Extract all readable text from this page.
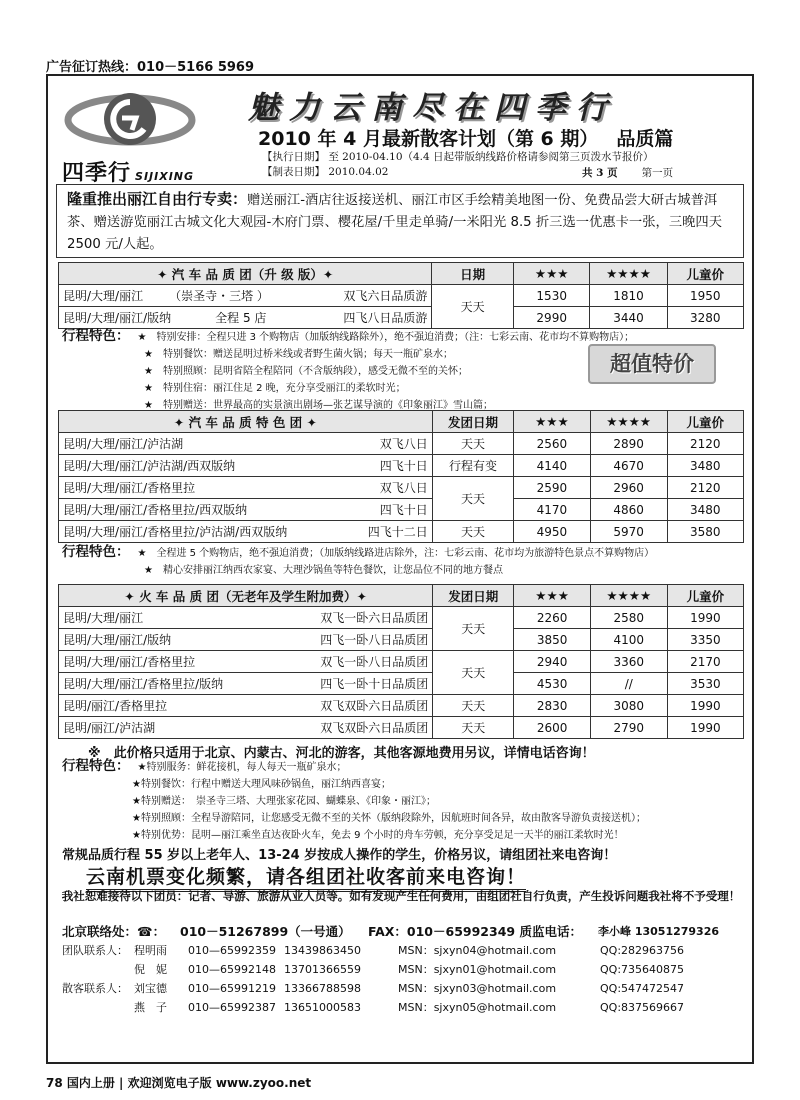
广告征订热线：010－5166 5969
四季行 SIJIXING
魅力云南尽在四季行
2010 年 4 月最新散客计划（第 6 期） 品质篇
【执行日期】 至 2010-04.10（4.4 日起带版纳线路价格请参阅第三页泼水节报价）
【制表日期】 2010.04.02	共 3 页 第一页
隆重推出丽江自由行专卖：赠送丽江-酒店往返接送机、丽江市区手绘精美地图一份、免费品尝大研古城普洱茶、赠送游览丽江古城文化大观园-木府门票、樱花屋/千里走单骑/一米阳光 8.5 折三选一优惠卡一张，三晚四天 2500 元/人起。
✦ 汽 车 品 质 团（升 级 版）✦	日期	★★★	★★★★	儿童价
昆明/大理/丽江 （崇圣寺・三塔 ） 双飞六日品质游	天天	1530	1810	1950
昆明/大理/丽江/版纳 全程 5 店 四飞八日品质游		2990	3440	3280
行程特色： ★　特别安排：全程只进 3 个购物店（加版纳线路除外），绝不强迫消费；（注：七彩云南、花市均不算购物店）；
★　特别餐饮：赠送昆明过桥米线或者野生菌火锅；每天一瓶矿泉水；
★　特别照顾：昆明省陪全程陪同（不含版纳段），感受无微不至的关怀；
★　特别住宿：丽江住足 2 晚，充分享受丽江的柔软时光；
★　特别赠送：世界最高的实景演出剧场—张艺谋导演的《印象丽江》雪山篇；
超值特价
✦ 汽 车 品 质 特 色 团 ✦	发团日期	★★★	★★★★	儿童价
昆明/大理/丽江/泸沽湖 双飞八日	天天	2560	2890	2120
昆明/大理/丽江/泸沽湖/西双版纳 四飞十日	行程有变	4140	4670	3480
昆明/大理/丽江/香格里拉 双飞八日	天天	2590	2960	2120
昆明/大理/丽江/香格里拉/西双版纳 四飞十日		4170	4860	3480
昆明/大理/丽江/香格里拉/泸沽湖/西双版纳 四飞十二日	天天	4950	5970	3580
行程特色： ★　全程进 5 个购物店，绝不强迫消费；（加版纳线路进店除外，注：七彩云南、花市均为旅游特色景点不算购物店）
★　精心安排丽江纳西农家宴、大理沙锅鱼等特色餐饮，让您品位不同的地方餐点
✦ 火 车 品 质 团（无老年及学生附加费）✦	发团日期	★★★	★★★★	儿童价
昆明/大理/丽江 双飞一卧六日品质团	天天	2260	2580	1990
昆明/大理/丽江/版纳 四飞一卧八日品质团		3850	4100	3350
昆明/大理/丽江/香格里拉 双飞一卧八日品质团	天天	2940	3360	2170
昆明/大理/丽江/香格里拉/版纳 四飞一卧十日品质团		4530	//	3530
昆明/丽江/香格里拉 双飞双卧六日品质团	天天	2830	3080	1990
昆明/丽江/泸沽湖 双飞双卧六日品质团	天天	2600	2790	1990
※　此价格只适用于北京、内蒙古、河北的游客，其他客源地费用另议，详情电话咨询！
行程特色： ★特别服务：鲜花接机，每人每天一瓶矿泉水；
★特别餐饮：行程中赠送大理风味砂锅鱼，丽江纳西喜宴；
★特别赠送：　崇圣寺三塔、大理张家花园、蝴蝶泉、《印象・丽江》；
★特别照顾：全程导游陪同，让您感受无微不至的关怀（版纳段除外，因航班时间各异，故由散客导游负责接送机）；
★特别优势：昆明—丽江乘坐直达夜卧火车，免去 9 个小时的舟车劳顿，充分享受足足一天半的丽江柔软时光！
常规品质行程 55 岁以上老年人、13-24 岁按成人操作的学生，价格另议，请组团社来电咨询！
云南机票变化频繁，请各组团社收客前来电咨询！
我社恕难接待以下团员：记者、导游、旅游从业人员等。如有发现产生任何费用，由组团社自行负责，产生投诉问题我社将不予受理！
北京联络处：☎： 010－51267899（一号通） FAX：010－65992349 质监电话： 李小峰 13051279326
团队联系人： 程明雨 010—65992359 13439863450	MSN：sjxyn04@hotmail.com	QQ:282963756
倪　妮 010—65992148 13701366559	MSN：sjxyn01@hotmail.com	QQ:735640875
散客联系人： 刘宝德 010—65991219 13366788598	MSN：sjxyn03@hotmail.com	QQ:547472547
燕　子 010—65992387 13651000583	MSN：sjxyn05@hotmail.com	QQ:837569667
78 国内上册 | 欢迎浏览电子版 www.zyoo.net
